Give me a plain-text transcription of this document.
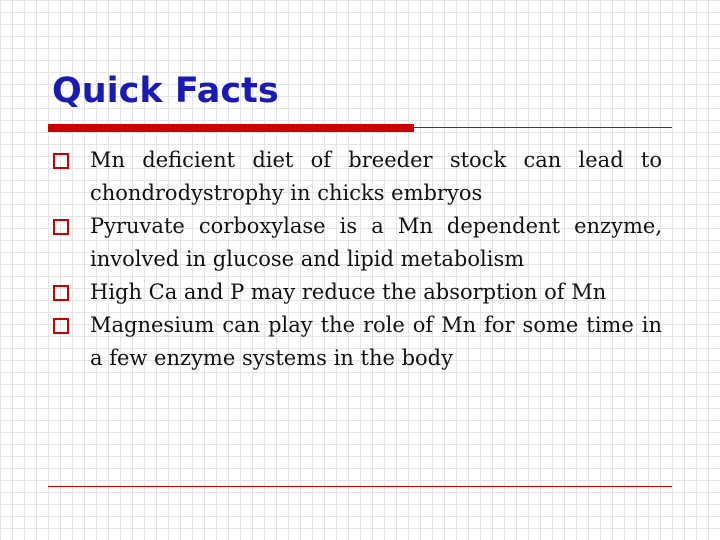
Quick Facts
Mn deficient diet of breeder stock can lead to chondrodystrophy in chicks embryos
Pyruvate corboxylase is a Mn dependent enzyme, involved in glucose and lipid metabolism
High Ca and P may reduce the absorption of Mn
Magnesium can play the role of Mn for some time in a few enzyme systems in the body
